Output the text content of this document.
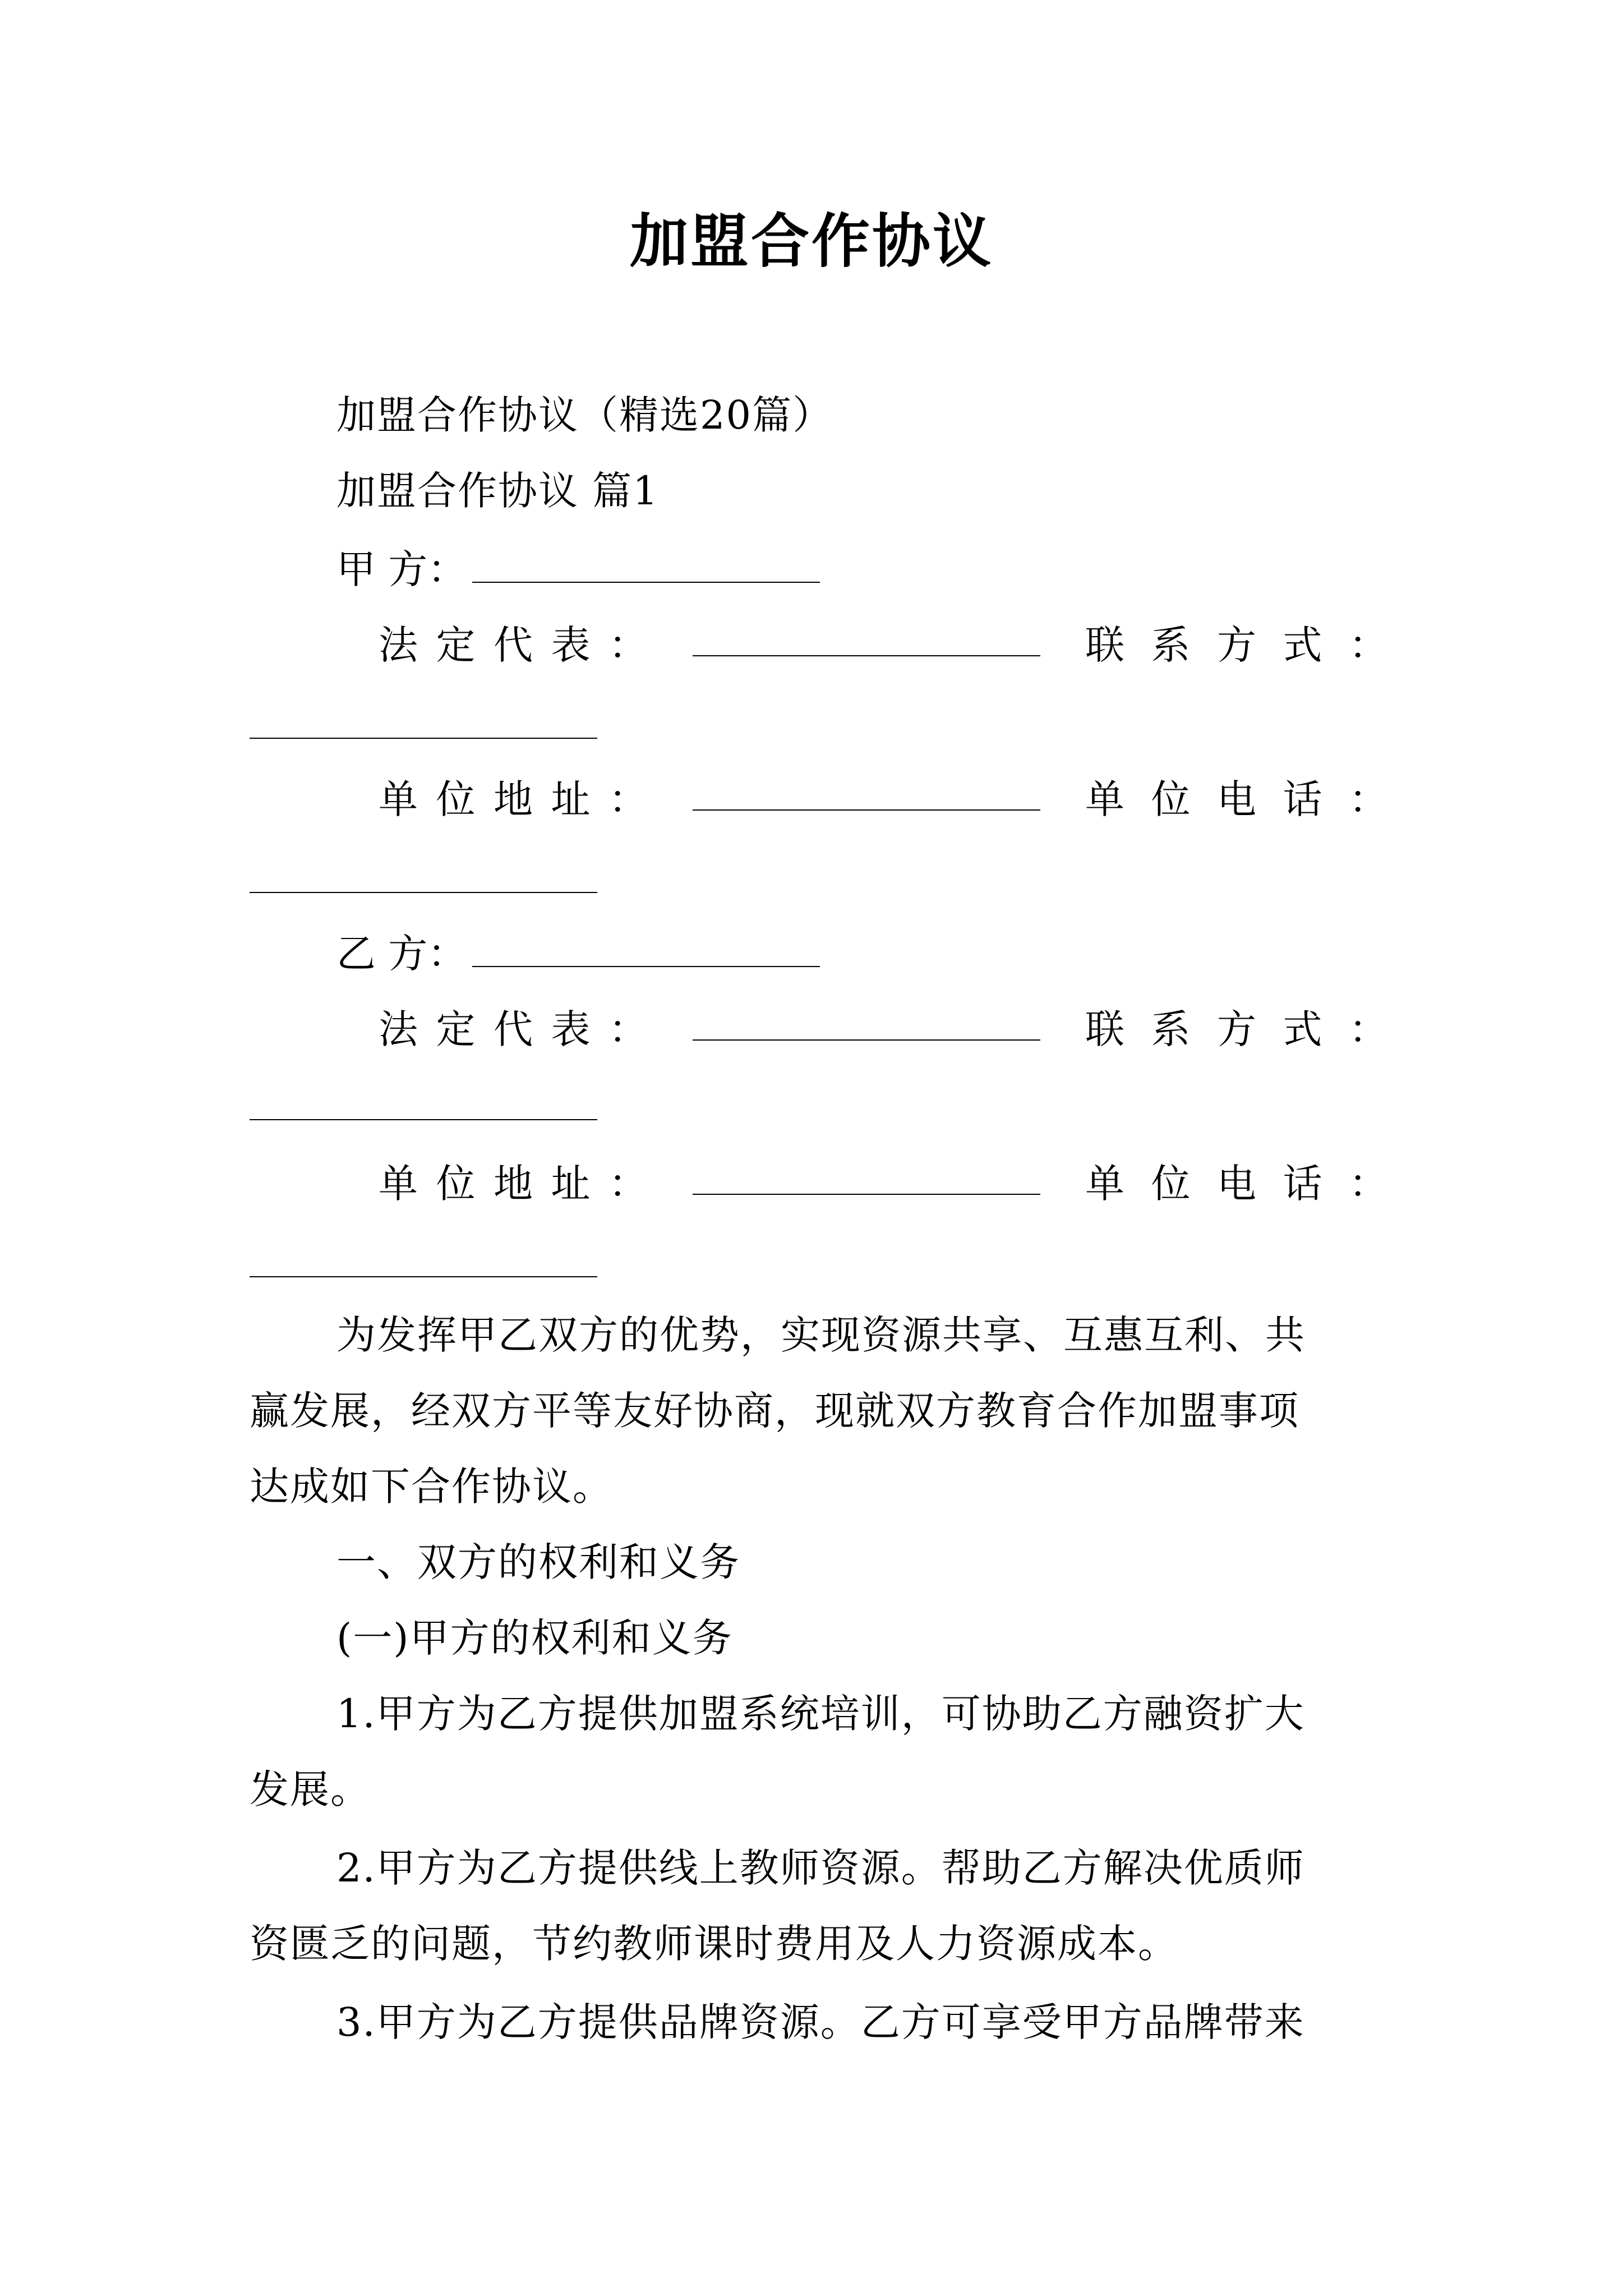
加盟合作协议
加盟合作协议（精选20篇）
加盟合作协议 篇1
甲 方：
法 定 代 表 ：	联 系 方 式 ：
单 位 地 址 ：	单 位 电 话 ：
乙 方：
法 定 代 表 ：	联 系 方 式 ：
单 位 地 址 ：	单 位 电 话 ：
为发挥甲乙双方的优势，实现资源共享、互惠互利、共
赢发展，经双方平等友好协商，现就双方教育合作加盟事项
达成如下合作协议。
一、双方的权利和义务
(一)甲方的权利和义务
1.甲方为乙方提供加盟系统培训，可协助乙方融资扩大
发展。
2.甲方为乙方提供线上教师资源。帮助乙方解决优质师
资匮乏的问题，节约教师课时费用及人力资源成本。
3.甲方为乙方提供品牌资源。乙方可享受甲方品牌带来
